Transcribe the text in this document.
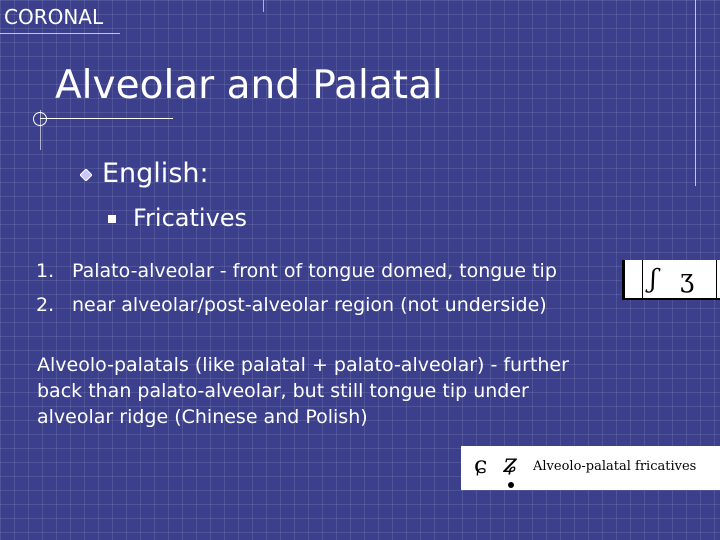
CORONAL
Alveolar and Palatal
English:
Fricatives
1. Palato-alveolar - front of tongue domed, tongue tip
2. near alveolar/post-alveolar region (not underside)
Alveolo-palatals (like palatal + palato-alveolar) - further back than palato-alveolar, but still tongue tip under alveolar ridge (Chinese and Polish)
ʃ ʒ
ɕ ʑ Alveolo-palatal fricatives
